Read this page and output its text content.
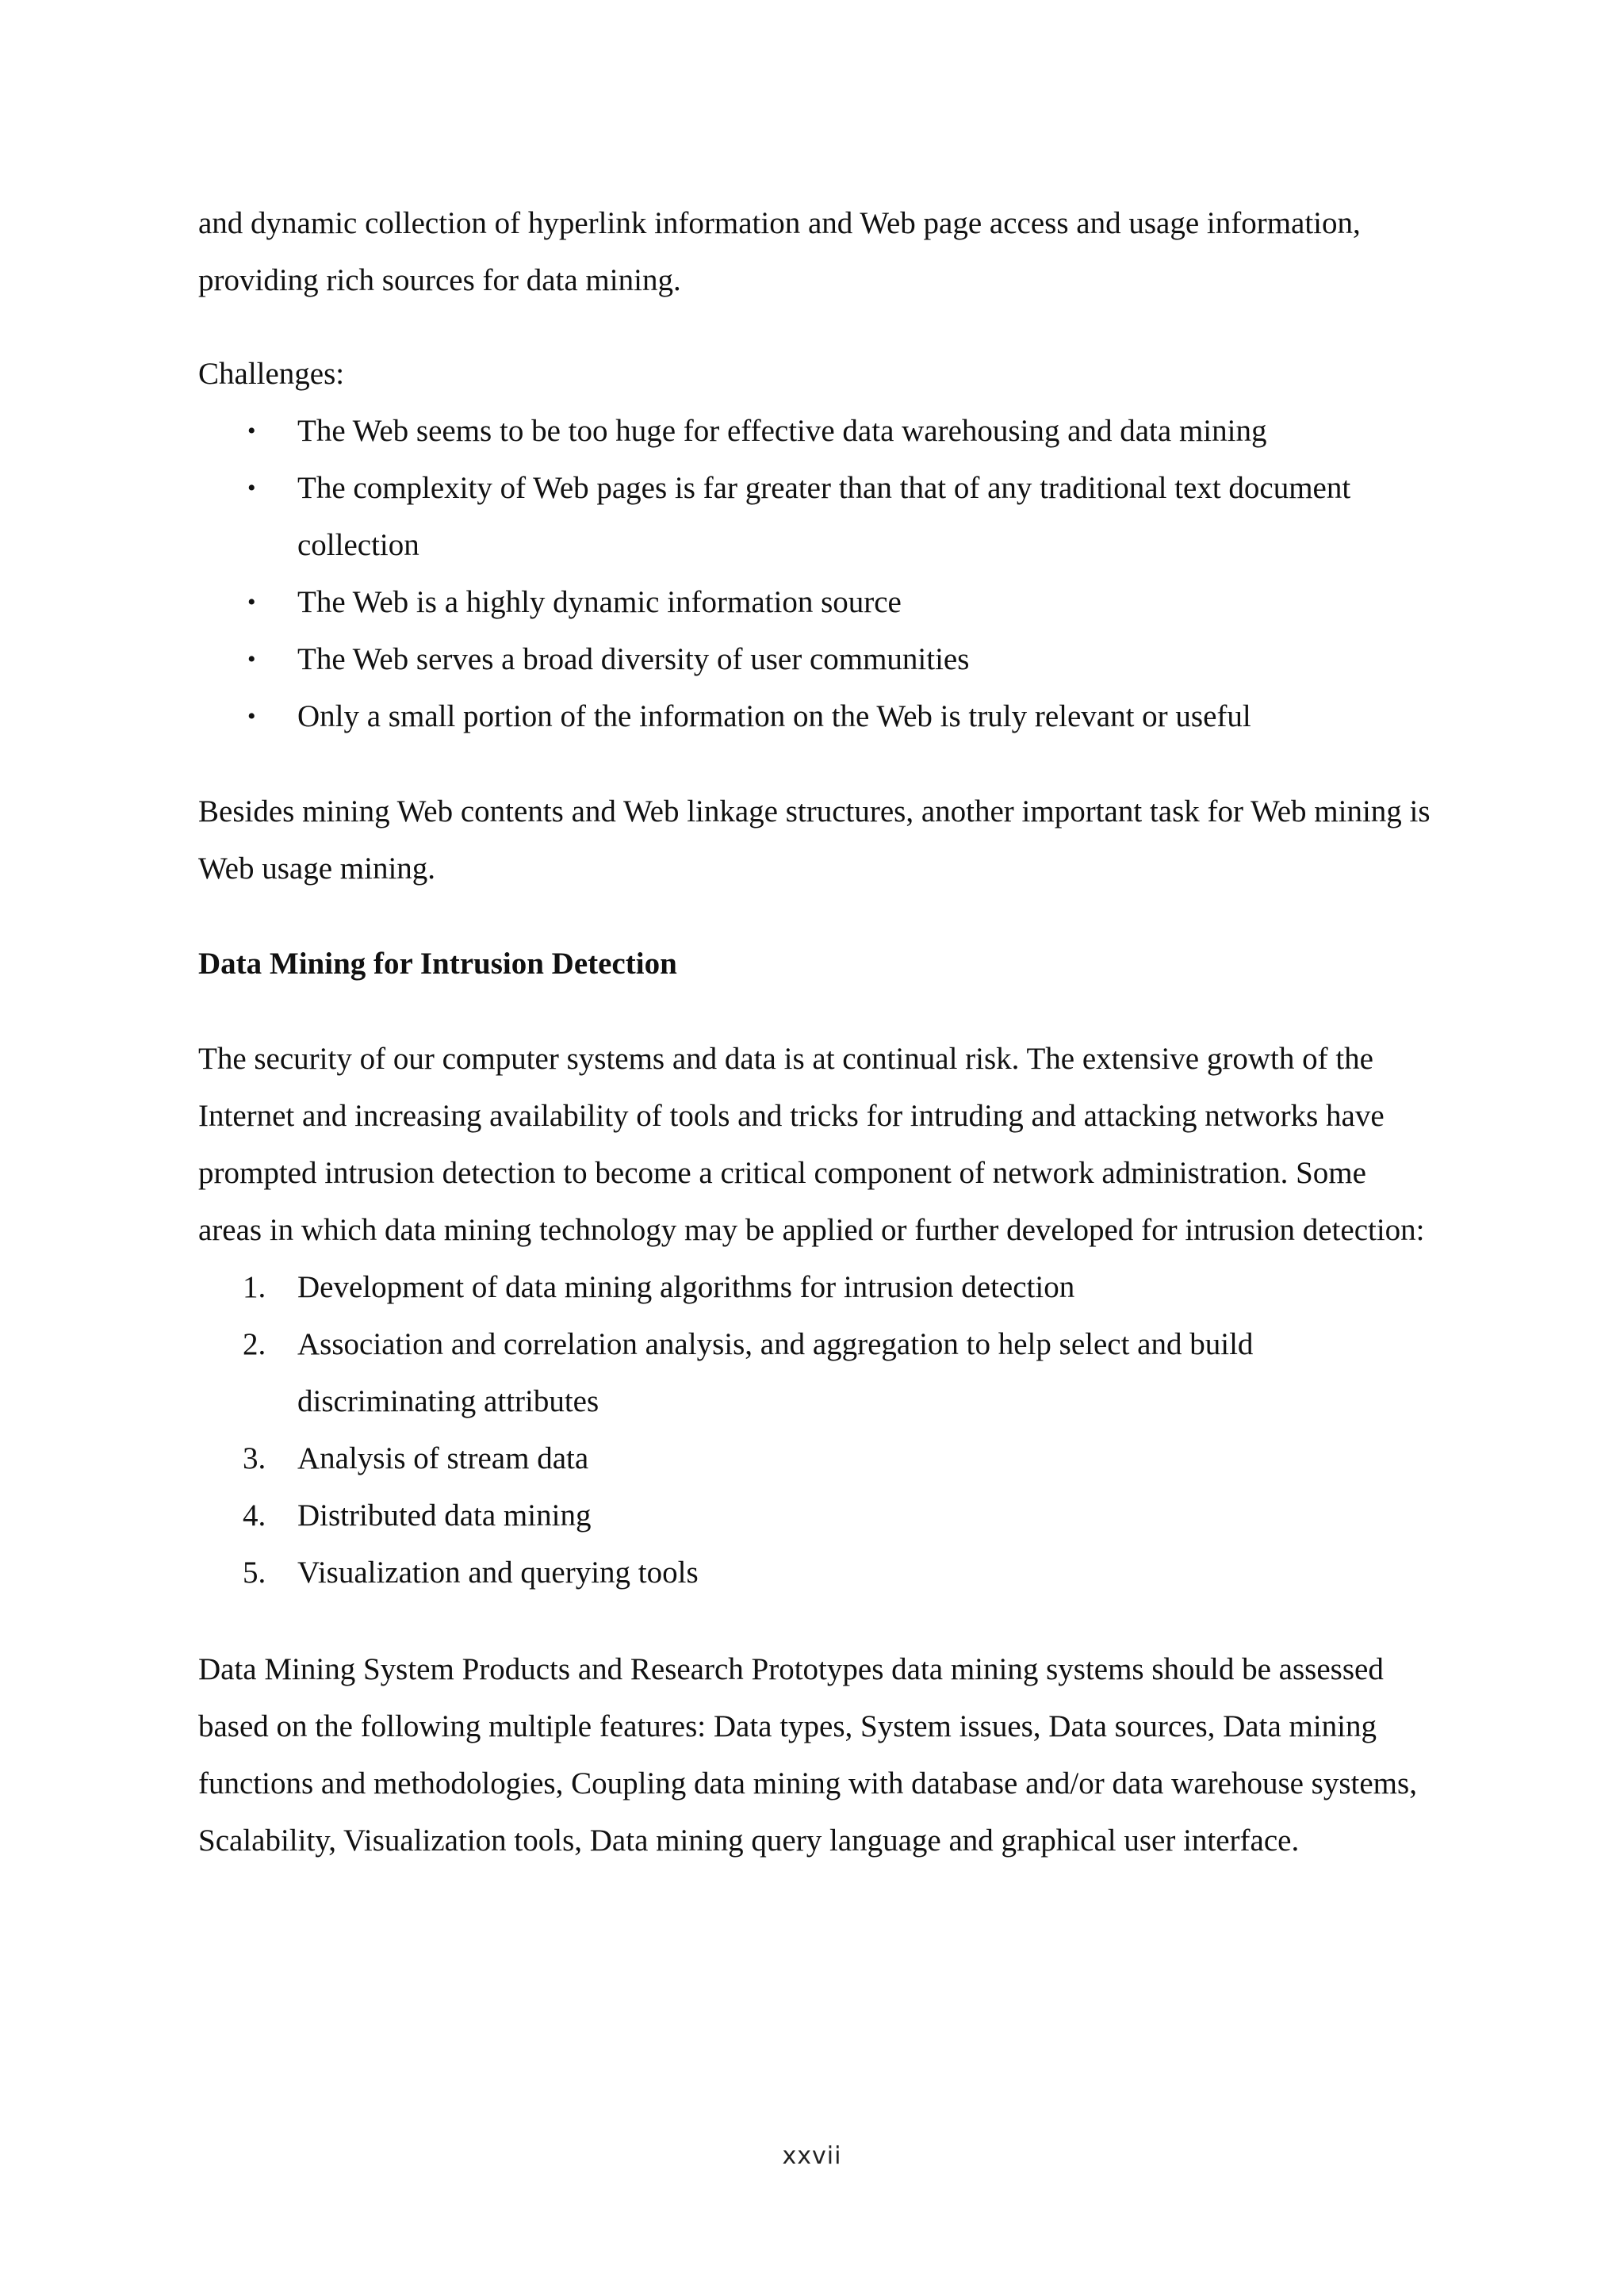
and dynamic collection of hyperlink information and Web page access and usage information, providing rich sources for data mining.

Challenges:

• The Web seems to be too huge for effective data warehousing and data mining
• The complexity of Web pages is far greater than that of any traditional text document collection
• The Web is a highly dynamic information source
• The Web serves a broad diversity of user communities
• Only a small portion of the information on the Web is truly relevant or useful

Besides mining Web contents and Web linkage structures, another important task for Web mining is Web usage mining.

Data Mining for Intrusion Detection

The security of our computer systems and data is at continual risk. The extensive growth of the Internet and increasing availability of tools and tricks for intruding and attacking networks have prompted intrusion detection to become a critical component of network administration. Some areas in which data mining technology may be applied or further developed for intrusion detection:

1. Development of data mining algorithms for intrusion detection
2. Association and correlation analysis, and aggregation to help select and build discriminating attributes
3. Analysis of stream data
4. Distributed data mining
5. Visualization and querying tools

Data Mining System Products and Research Prototypes data mining systems should be assessed based on the following multiple features: Data types, System issues, Data sources, Data mining functions and methodologies, Coupling data mining with database and/or data warehouse systems, Scalability, Visualization tools, Data mining query language and graphical user interface.

xxvii
